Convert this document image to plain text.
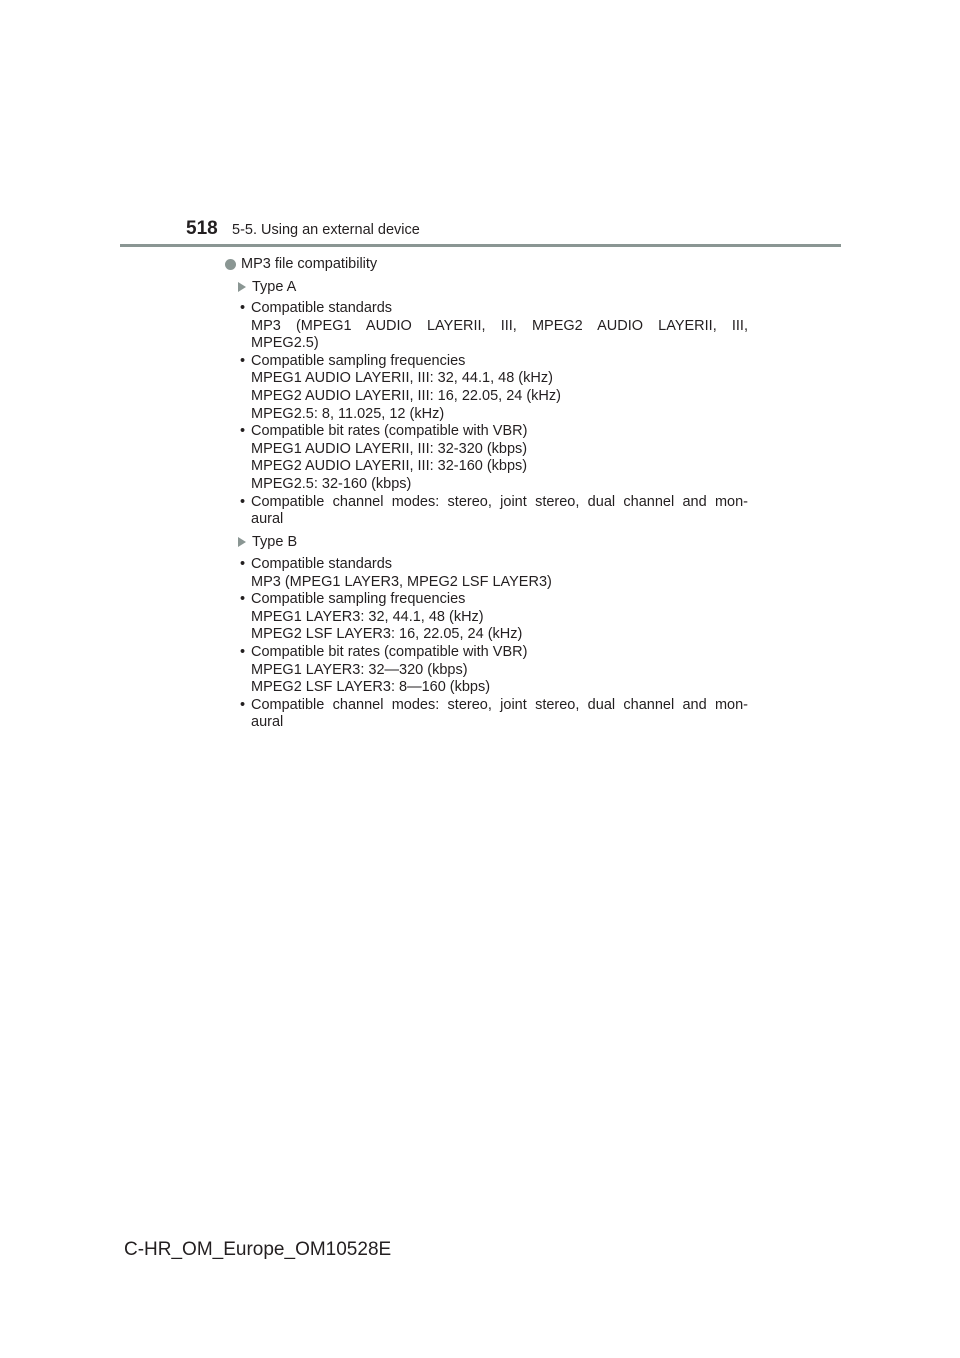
518 5-5. Using an external device
MP3 file compatibility
Type A
• Compatible standards
MP3 (MPEG1 AUDIO LAYERII, III, MPEG2 AUDIO LAYERII, III,
MPEG2.5)
• Compatible sampling frequencies
MPEG1 AUDIO LAYERII, III: 32, 44.1, 48 (kHz)
MPEG2 AUDIO LAYERII, III: 16, 22.05, 24 (kHz)
MPEG2.5: 8, 11.025, 12 (kHz)
• Compatible bit rates (compatible with VBR)
MPEG1 AUDIO LAYERII, III: 32-320 (kbps)
MPEG2 AUDIO LAYERII, III: 32-160 (kbps)
MPEG2.5: 32-160 (kbps)
• Compatible channel modes: stereo, joint stereo, dual channel and mon-
aural
Type B
• Compatible standards
MP3 (MPEG1 LAYER3, MPEG2 LSF LAYER3)
• Compatible sampling frequencies
MPEG1 LAYER3: 32, 44.1, 48 (kHz)
MPEG2 LSF LAYER3: 16, 22.05, 24 (kHz)
• Compatible bit rates (compatible with VBR)
MPEG1 LAYER3: 32—320 (kbps)
MPEG2 LSF LAYER3: 8—160 (kbps)
• Compatible channel modes: stereo, joint stereo, dual channel and mon-
aural
C-HR_OM_Europe_OM10528E
